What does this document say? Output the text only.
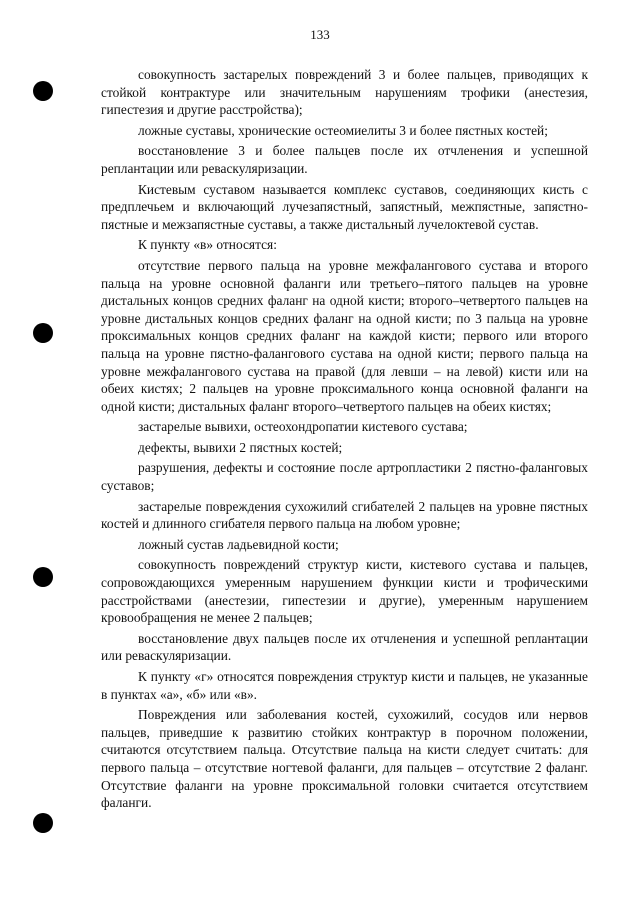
133

совокупность застарелых повреждений 3 и более пальцев, приводящих к стойкой контрактуре или значительным нарушениям трофики (анестезия, гипестезия и другие расстройства);

ложные суставы, хронические остеомиелиты 3 и более пястных костей;

восстановление 3 и более пальцев после их отчленения и успешной реплантации или реваскуляризации.

Кистевым суставом называется комплекс суставов, соединяющих кисть с предплечьем и включающий лучезапястный, запястный, межпястные, запястно-пястные и межзапястные суставы, а также дистальный лучелоктевой сустав.

К пункту «в» относятся:

отсутствие первого пальца на уровне межфалангового сустава и второго пальца на уровне основной фаланги или третьего–пятого пальцев на уровне дистальных концов средних фаланг на одной кисти; второго–четвертого пальцев на уровне дистальных концов средних фаланг на одной кисти; по 3 пальца на уровне проксимальных концов средних фаланг на каждой кисти; первого или второго пальца на уровне пястно-фалангового сустава на одной кисти; первого пальца на уровне межфалангового сустава на правой (для левши – на левой) кисти или на обеих кистях; 2 пальцев на уровне проксимального конца основной фаланги на одной кисти; дистальных фаланг второго–четвертого пальцев на обеих кистях;

застарелые вывихи, остеохондропатии кистевого сустава;

дефекты, вывихи 2 пястных костей;

разрушения, дефекты и состояние после артропластики 2 пястно-фаланговых суставов;

застарелые повреждения сухожилий сгибателей 2 пальцев на уровне пястных костей и длинного сгибателя первого пальца на любом уровне;

ложный сустав ладьевидной кости;

совокупность повреждений структур кисти, кистевого сустава и пальцев, сопровождающихся умеренным нарушением функции кисти и трофическими расстройствами (анестезии, гипестезии и другие), умеренным нарушением кровообращения не менее 2 пальцев;

восстановление двух пальцев после их отчленения и успешной реплантации или реваскуляризации.

К пункту «г» относятся повреждения структур кисти и пальцев, не указанные в пунктах «а», «б» или «в».

Повреждения или заболевания костей, сухожилий, сосудов или нервов пальцев, приведшие к развитию стойких контрактур в порочном положении, считаются отсутствием пальца. Отсутствие пальца на кисти следует считать: для первого пальца – отсутствие ногтевой фаланги, для пальцев – отсутствие 2 фаланг. Отсутствие фаланги на уровне проксимальной головки считается отсутствием фаланги.
